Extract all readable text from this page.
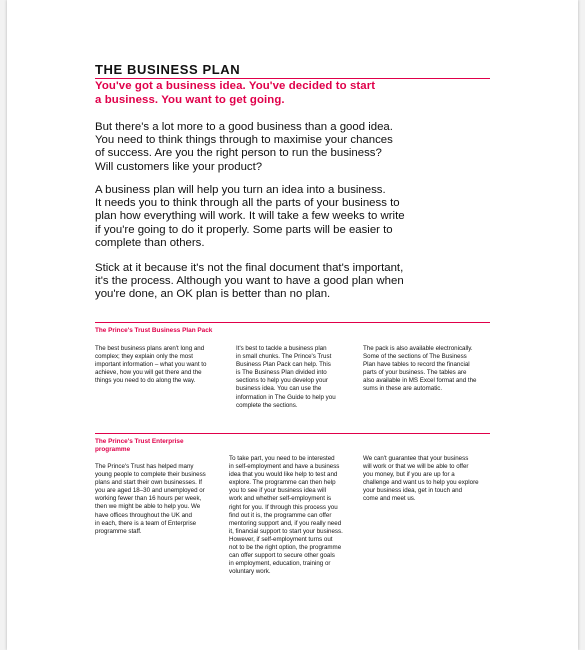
THE BUSINESS PLAN
You've got a business idea. You've decided to start
a business. You want to get going.
But there's a lot more to a good business than a good idea.
You need to think things through to maximise your chances
of success. Are you the right person to run the business?
Will customers like your product?
A business plan will help you turn an idea into a business.
It needs you to think through all the parts of your business to
plan how everything will work. It will take a few weeks to write
if you're going to do it properly. Some parts will be easier to
complete than others.
Stick at it because it's not the final document that's important,
it's the process. Although you want to have a good plan when
you're done, an OK plan is better than no plan.
The Prince's Trust Business Plan Pack
The best business plans aren't long and
complex; they explain only the most
important information – what you want to
achieve, how you will get there and the
things you need to do along the way.
It's best to tackle a business plan
in small chunks. The Prince's Trust
Business Plan Pack can help. This
is The Business Plan divided into
sections to help you develop your
business idea. You can use the
information in The Guide to help you
complete the sections.
The pack is also available electronically.
Some of the sections of The Business
Plan have tables to record the financial
parts of your business. The tables are
also available in MS Excel format and the
sums in these are automatic.
The Prince's Trust Enterprise
programme
The Prince's Trust has helped many
young people to complete their business
plans and start their own businesses. If
you are aged 18–30 and unemployed or
working fewer than 16 hours per week,
then we might be able to help you. We
have offices throughout the UK and
in each, there is a team of Enterprise
programme staff.
To take part, you need to be interested
in self-employment and have a business
idea that you would like help to test and
explore. The programme can then help
you to see if your business idea will
work and whether self-employment is
right for you. If through this process you
find out it is, the programme can offer
mentoring support and, if you really need
it, financial support to start your business.
However, if self-employment turns out
not to be the right option, the programme
can offer support to secure other goals
in employment, education, training or
voluntary work.
We can't guarantee that your business
will work or that we will be able to offer
you money, but if you are up for a
challenge and want us to help you explore
your business idea, get in touch and
come and meet us.
